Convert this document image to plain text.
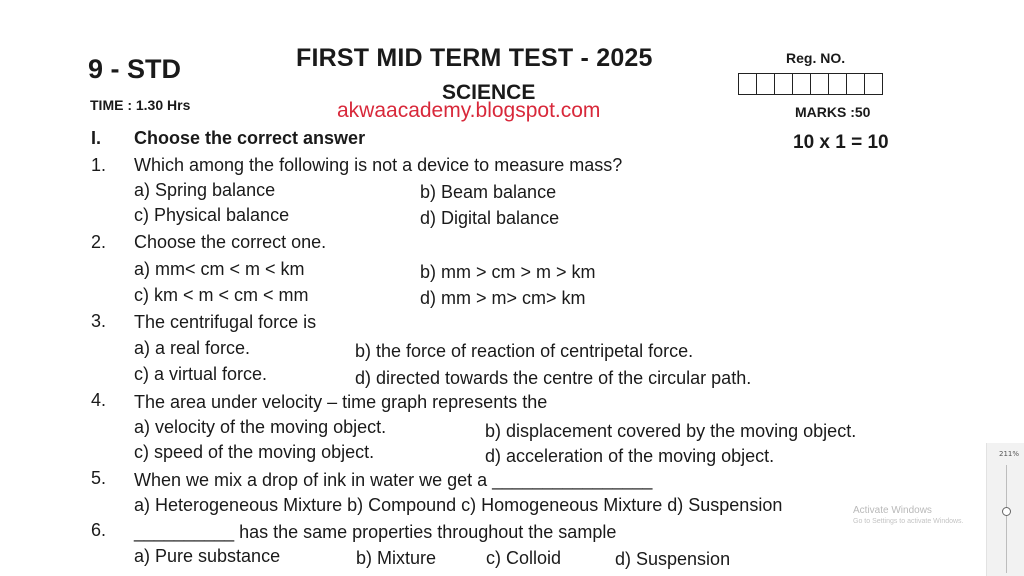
9 - STD	FIRST MID TERM TEST - 2025
SCIENCE
akwaacademy.blogspot.com
TIME : 1.30 Hrs	MARKS :50
Reg. NO.
I. Choose the correct answer	10 x 1 = 10
1. Which among the following is not a device to measure mass?
a) Spring balance	b) Beam balance
c) Physical balance	d) Digital balance
2. Choose the correct one.
a) mm< cm < m < km	b) mm > cm > m > km
c) km < m < cm < mm	d) mm > m> cm> km
3. The centrifugal force is
a) a real force.	b) the force of reaction of centripetal force.
c) a virtual force.	d) directed towards the centre of the circular path.
4. The area under velocity – time graph represents the
a) velocity of the moving object.	b) displacement covered by the moving object.
c) speed of the moving object.	d) acceleration of the moving object.
5. When we mix a drop of ink in water we get a ________________
a) Heterogeneous Mixture b) Compound c) Homogeneous Mixture d) Suspension
6. __________ has the same properties throughout the sample
a) Pure substance	b) Mixture	c) Colloid	d) Suspension
Activate Windows
Go to Settings to activate Windows.
211%
